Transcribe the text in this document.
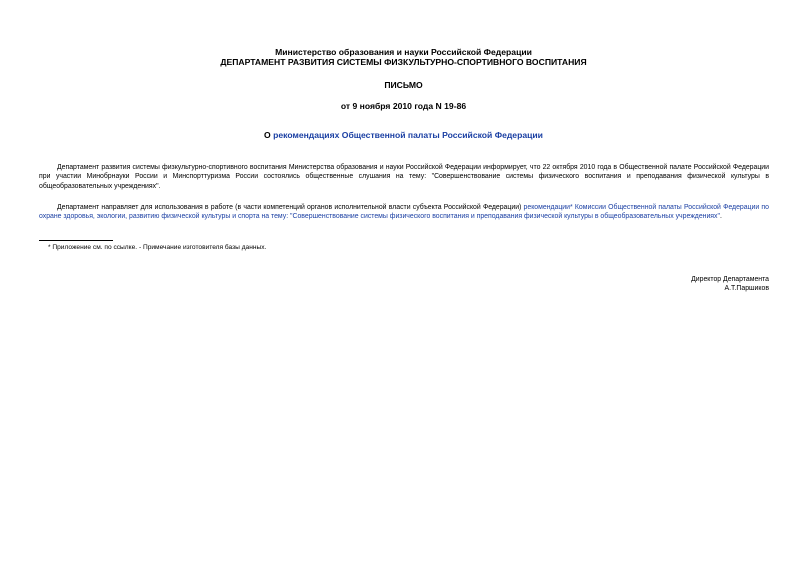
Министерство образования и науки Российской Федерации
ДЕПАРТАМЕНТ РАЗВИТИЯ СИСТЕМЫ ФИЗКУЛЬТУРНО-СПОРТИВНОГО ВОСПИТАНИЯ
ПИСЬМО
от 9 ноября 2010 года N 19-86
О рекомендациях Общественной палаты Российской Федерации

Департамент развития системы физкультурно-спортивного воспитания Министерства образования и науки Российской Федерации информирует, что 22 октября 2010 года в Общественной палате Российской Федерации при участии Минобрнауки России и Минспорттуризма России состоялись общественные слушания на тему: "Совершенствование системы физического воспитания и преподавания физической культуры в общеобразовательных учреждениях".

Департамент направляет для использования в работе (в части компетенций органов исполнительной власти субъекта Российской Федерации) рекомендации* Комиссии Общественной палаты Российской Федерации по охране здоровья, экологии, развитию физической культуры и спорта на тему: "Совершенствование системы физического воспитания и преподавания физической культуры в общеобразовательных учреждениях".

* Приложение см. по ссылке. - Примечание изготовителя базы данных.

Директор Департамента
А.Т.Паршиков
